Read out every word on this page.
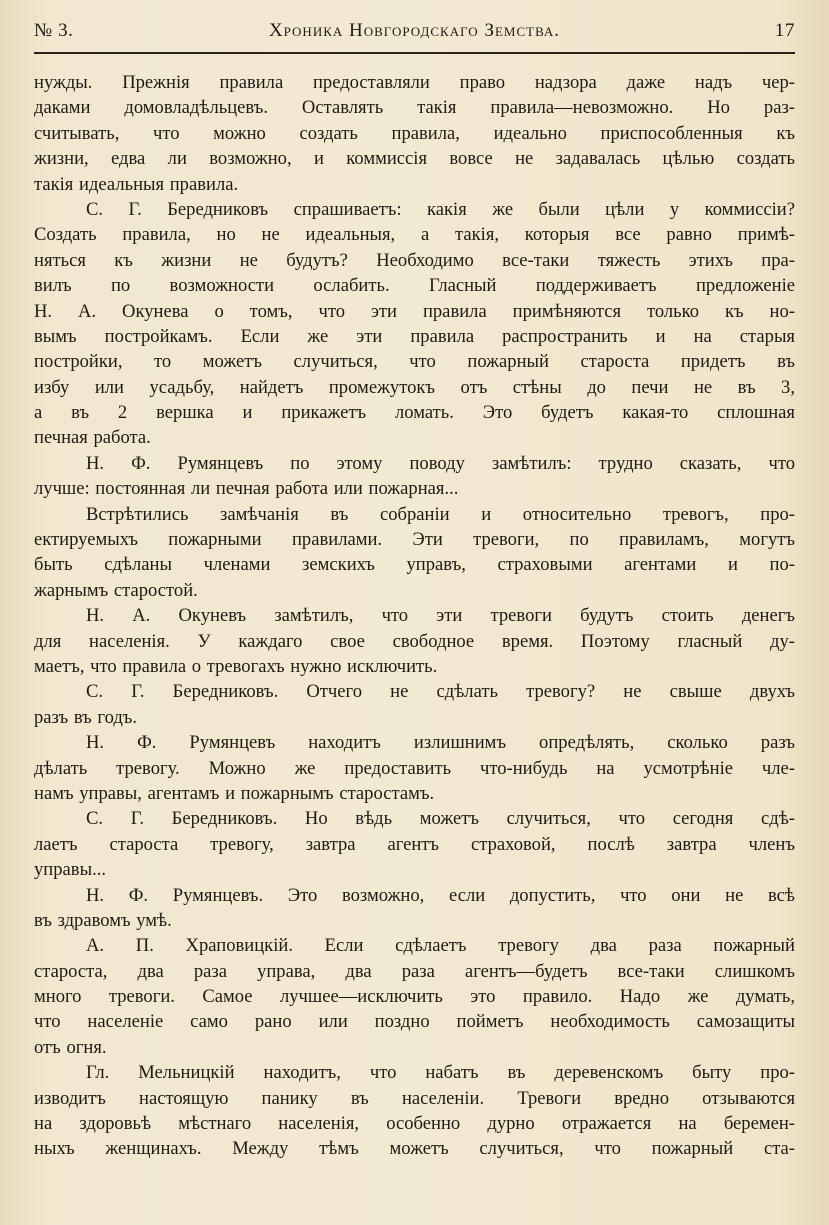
№ 3.	Хроника Новгородскаго Земства.	17
нужды. Прежнія правила предоставляли право надзора даже надъ чер-
даками домовладѣльцевъ. Оставлять такія правила—невозможно. Но раз-
считывать, что можно создать правила, идеально приспособленныя къ
жизни, едва ли возможно, и коммиссія вовсе не задавалась цѣлью создать
такія идеальныя правила.
С. Г. Бередниковъ спрашиваетъ: какія же были цѣли у коммиссіи?
Создать правила, но не идеальныя, а такія, которыя все равно примѣ-
няться къ жизни не будутъ? Необходимо все-таки тяжесть этихъ пра-
вилъ по возможности ослабить. Гласный поддерживаетъ предложеніе
Н. А. Окунева о томъ, что эти правила примѣняются только къ но-
вымъ постройкамъ. Если же эти правила распространить и на старыя
постройки, то можетъ случиться, что пожарный староста придетъ въ
избу или усадьбу, найдетъ промежутокъ отъ стѣны до печи не въ 3,
а въ 2 вершка и прикажетъ ломать. Это будетъ какая-то сплошная
печная работа.
Н. Ф. Румянцевъ по этому поводу замѣтилъ: трудно сказать, что
лучше: постоянная ли печная работа или пожарная...
Встрѣтились замѣчанія въ собраніи и относительно тревогъ, про-
ектируемыхъ пожарными правилами. Эти тревоги, по правиламъ, могутъ
быть сдѣланы членами земскихъ управъ, страховыми агентами и по-
жарнымъ старостой.
Н. А. Окуневъ замѣтилъ, что эти тревоги будутъ стоить денегъ
для населенія. У каждаго свое свободное время. Поэтому гласный ду-
маетъ, что правила о тревогахъ нужно исключить.
С. Г. Бередниковъ. Отчего не сдѣлать тревогу? не свыше двухъ
разъ въ годъ.
Н. Ф. Румянцевъ находитъ излишнимъ опредѣлять, сколько разъ
дѣлать тревогу. Можно же предоставить что-нибудь на усмотрѣніе чле-
намъ управы, агентамъ и пожарнымъ старостамъ.
С. Г. Бередниковъ. Но вѣдь можетъ случиться, что сегодня сдѣ-
лаетъ староста тревогу, завтра агентъ страховой, послѣ завтра членъ
управы...
Н. Ф. Румянцевъ. Это возможно, если допустить, что они не всѣ
въ здравомъ умѣ.
А. П. Храповицкій. Если сдѣлаетъ тревогу два раза пожарный
староста, два раза управа, два раза агентъ—будетъ все-таки слишкомъ
много тревоги. Самое лучшее—исключить это правило. Надо же думать,
что населеніе само рано или поздно пойметъ необходимость самозащиты
отъ огня.
Гл. Мельницкій находитъ, что набатъ въ деревенскомъ быту про-
изводитъ настоящую панику въ населеніи. Тревоги вредно отзываются
на здоровьѣ мѣстнаго населенія, особенно дурно отражается на беремен-
ныхъ женщинахъ. Между тѣмъ можетъ случиться, что пожарный ста-
